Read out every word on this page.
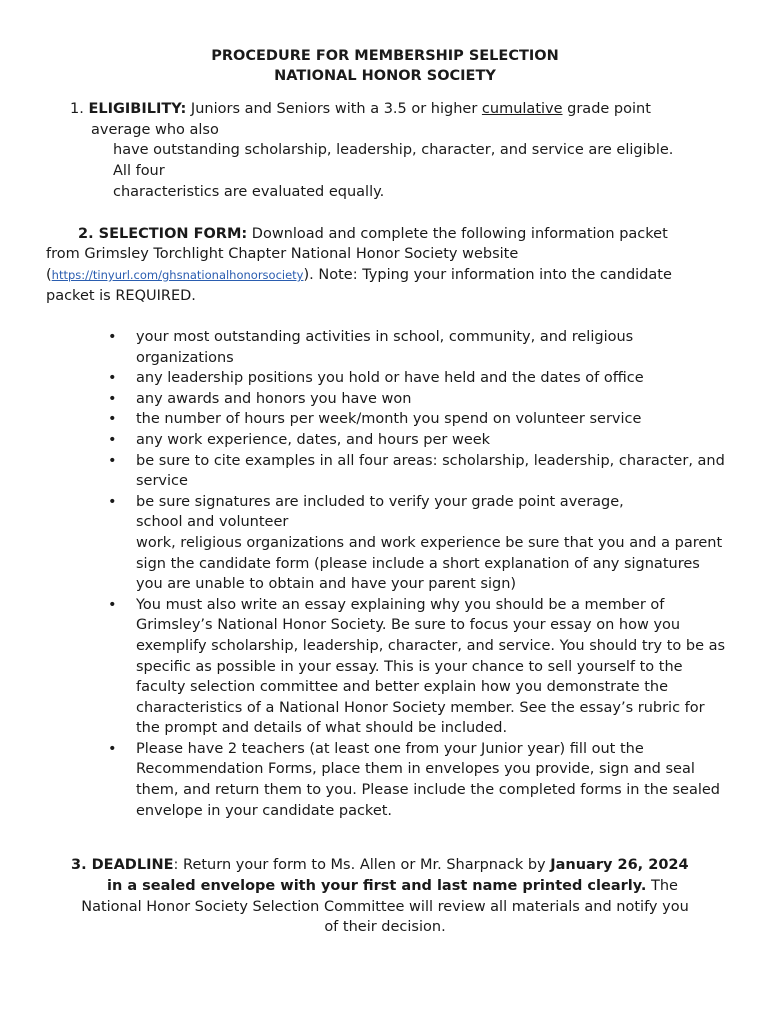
PROCEDURE FOR MEMBERSHIP SELECTION
NATIONAL HONOR SOCIETY
1. ELIGIBILITY: Juniors and Seniors with a 3.5 or higher cumulative grade point
average who also
have outstanding scholarship, leadership, character, and service are eligible.
All four
characteristics are evaluated equally.
2. SELECTION FORM: Download and complete the following information packet
from Grimsley Torchlight Chapter National Honor Society website
(https://tinyurl.com/ghsnationalhonorsociety). Note: Typing your information into the candidate
packet is REQUIRED.
•
your most outstanding activities in school, community, and religious organizations
•
any leadership positions you hold or have held and the dates of office
•
any awards and honors you have won
•
the number of hours per week/month you spend on volunteer service
•
any work experience, dates, and hours per week
•
be sure to cite examples in all four areas: scholarship, leadership, character, and service
•
be sure signatures are included to verify your grade point average, school and volunteer
work, religious organizations and work experience be sure that you and a parent sign the candidate form (please include a short explanation of any signatures you are unable to obtain and have your parent sign)
•
You must also write an essay explaining why you should be a member of Grimsley’s National Honor Society. Be sure to focus your essay on how you exemplify scholarship, leadership, character, and service. You should try to be as specific as possible in your essay. This is your chance to sell yourself to the faculty selection committee and better explain how you demonstrate the characteristics of a National Honor Society member. See the essay’s rubric for the prompt and details of what should be included.
•
Please have 2 teachers (at least one from your Junior year) fill out the Recommendation Forms, place them in envelopes you provide, sign and seal them, and return them to you. Please include the completed forms in the sealed envelope in your candidate packet.
3. DEADLINE: Return your form to Ms. Allen or Mr. Sharpnack by January 26, 2024
in a sealed envelope with your first and last name printed clearly. The
National Honor Society Selection Committee will review all materials and notify you
of their decision.
